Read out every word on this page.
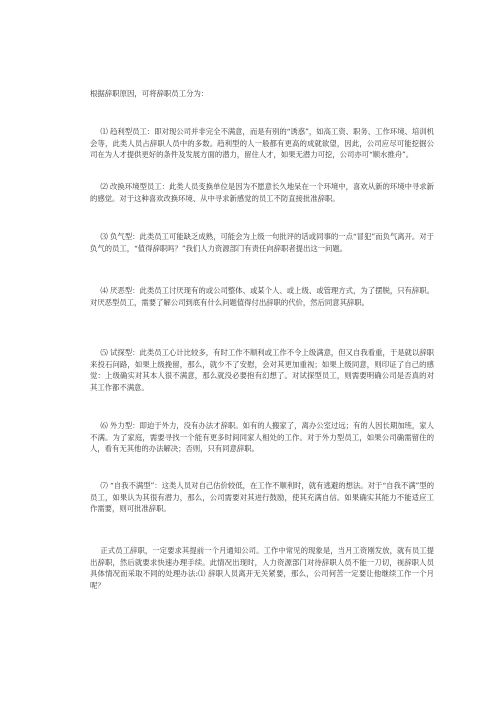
根据辞职原因，可将辞职员工分为：
⑴ 趋利型员工：即对现公司并非完全不满意，而是有别的“诱惑”，如高工资、职务、工作环境、培训机会等，此类人员占辞职人员中的多数。趋利型的人一般都有更高的成就欲望，因此，公司应尽可能挖掘公司在为人才提供更好的条件及发展方面的潜力，留住人才，如果无潜力可挖，公司亦可“顺水推舟”。
⑵ 改换环境型员工：此类人员变换单位是因为不愿意长久地呆在一个环境中，喜欢从新的环境中寻求新的感觉。对于这种喜欢改换环境、从中寻求新感觉的员工不防直接批准辞职。
⑶ 负气型：此类员工可能缺乏成熟，可能会为上级一句批评的话或同事的一点“冒犯”而负气离开。对于负气的员工，“值得辞职吗？”我们人力资源部门有责任向辞职者提出这一问题。
⑷ 厌恶型：此类员工讨厌现有的或公司整体、或某个人、或上级、或管理方式，为了摆脱，只有辞职。对厌恶型员工，需要了解公司到底有什么问题值得付出辞职的代价，然后同意其辞职。
⑸ 试探型：此类员工心计比较多，有时工作不顺利或工作不令上级满意，但又自我看重，于是就以辞职来投石问路，如果上级挽留，那么，就少不了安慰，会对其更加重视；如果上级同意，则印证了自己的感觉：上级确实对其本人很不满意，那么就没必要抱有幻想了。对试探型员工，则需要明确公司是否真的对其工作都不满意。
⑹ 外力型：即迫于外力，没有办法才辞职。如有的人搬家了，离办公室过远；有的人因长期加班，家人不满。为了家庭，需要寻找一个能有更多时间同家人相处的工作。对于外力型员工，如果公司确需留住的人，看有无其他的办法解决；否则，只有同意辞职。
⑺ “自我不满型”：这类人员对自己估价较低，在工作不顺利时，就有逃避的想法。对于“自我不满”型的员工，如果认为其很有潜力，那么，公司需要对其进行鼓励，使其充满自信。如果确实其能力不能适应工作需要，则可批准辞职。
正式员工辞职，一定要求其提前一个月通知公司。工作中常见的现象是，当月工资刚发放，就有员工提出辞职，然后就要求快速办理手续。此情况出现时，人力资源部门对待辞职人员不能一刀切，视辞职人员具体情况而采取不同的处理办法:⑴ 辞职人员离开无关紧要，那么，公司何苦一定要让他继续工作一个月呢？
